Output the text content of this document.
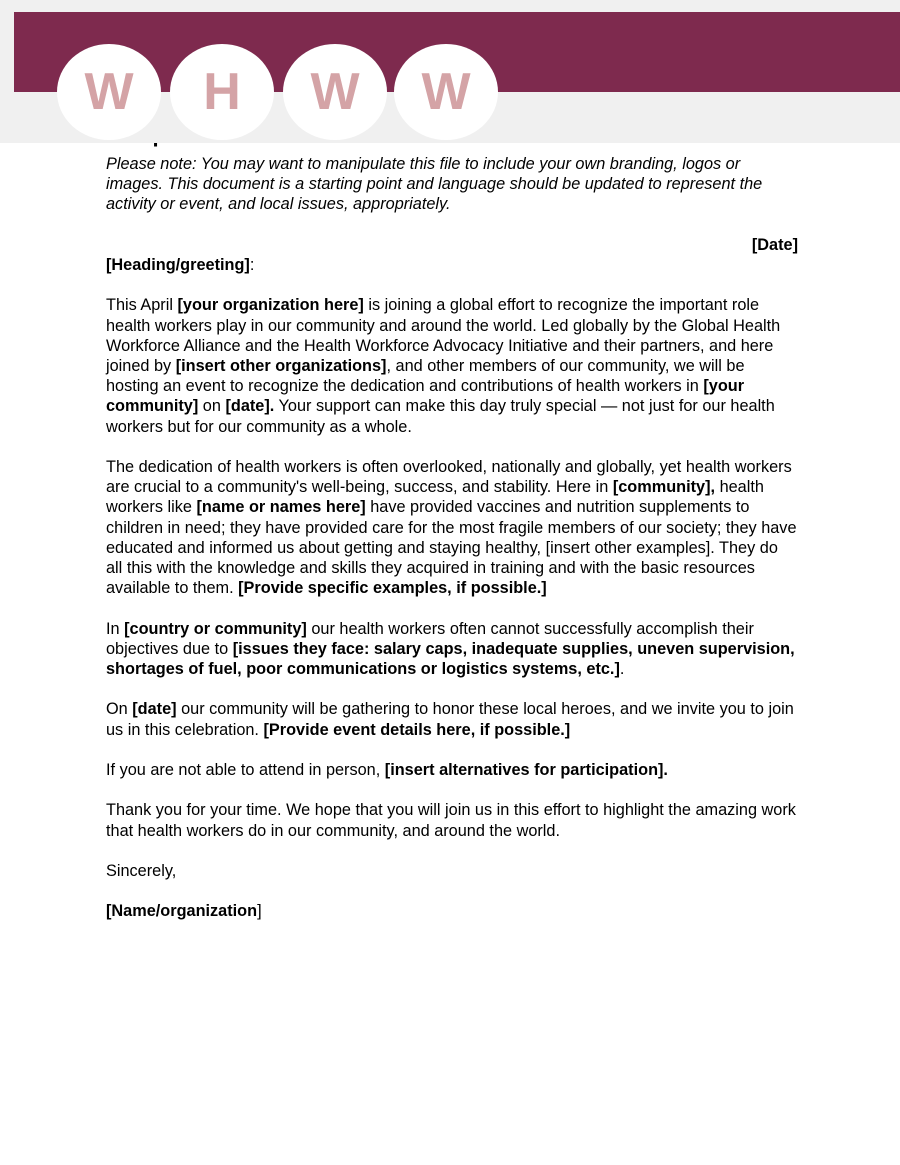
W	H	W	W

Please note: You may want to manipulate this file to include your own branding, logos or images. This document is a starting point and language should be updated to represent the activity or event, and local issues, appropriately.

[Date]

[Heading/greeting]:

This April [your organization here] is joining a global effort to recognize the important role health workers play in our community and around the world. Led globally by the Global Health Workforce Alliance and the Health Workforce Advocacy Initiative and their partners, and here joined by [insert other organizations], and other members of our community, we will be hosting an event to recognize the dedication and contributions of health workers in [your community] on [date]. Your support can make this day truly special — not just for our health workers but for our community as a whole.

The dedication of health workers is often overlooked, nationally and globally, yet health workers are crucial to a community's well-being, success, and stability. Here in [community], health workers like [name or names here] have provided vaccines and nutrition supplements to children in need; they have provided care for the most fragile members of our society; they have educated and informed us about getting and staying healthy, [insert other examples]. They do all this with the knowledge and skills they acquired in training and with the basic resources available to them. [Provide specific examples, if possible.]

In [country or community] our health workers often cannot successfully accomplish their objectives due to [issues they face: salary caps, inadequate supplies, uneven supervision, shortages of fuel, poor communications or logistics systems, etc.].

On [date] our community will be gathering to honor these local heroes, and we invite you to join us in this celebration. [Provide event details here, if possible.]

If you are not able to attend in person, [insert alternatives for participation].

Thank you for your time. We hope that you will join us in this effort to highlight the amazing work that health workers do in our community, and around the world.

Sincerely,

[Name/organization]
